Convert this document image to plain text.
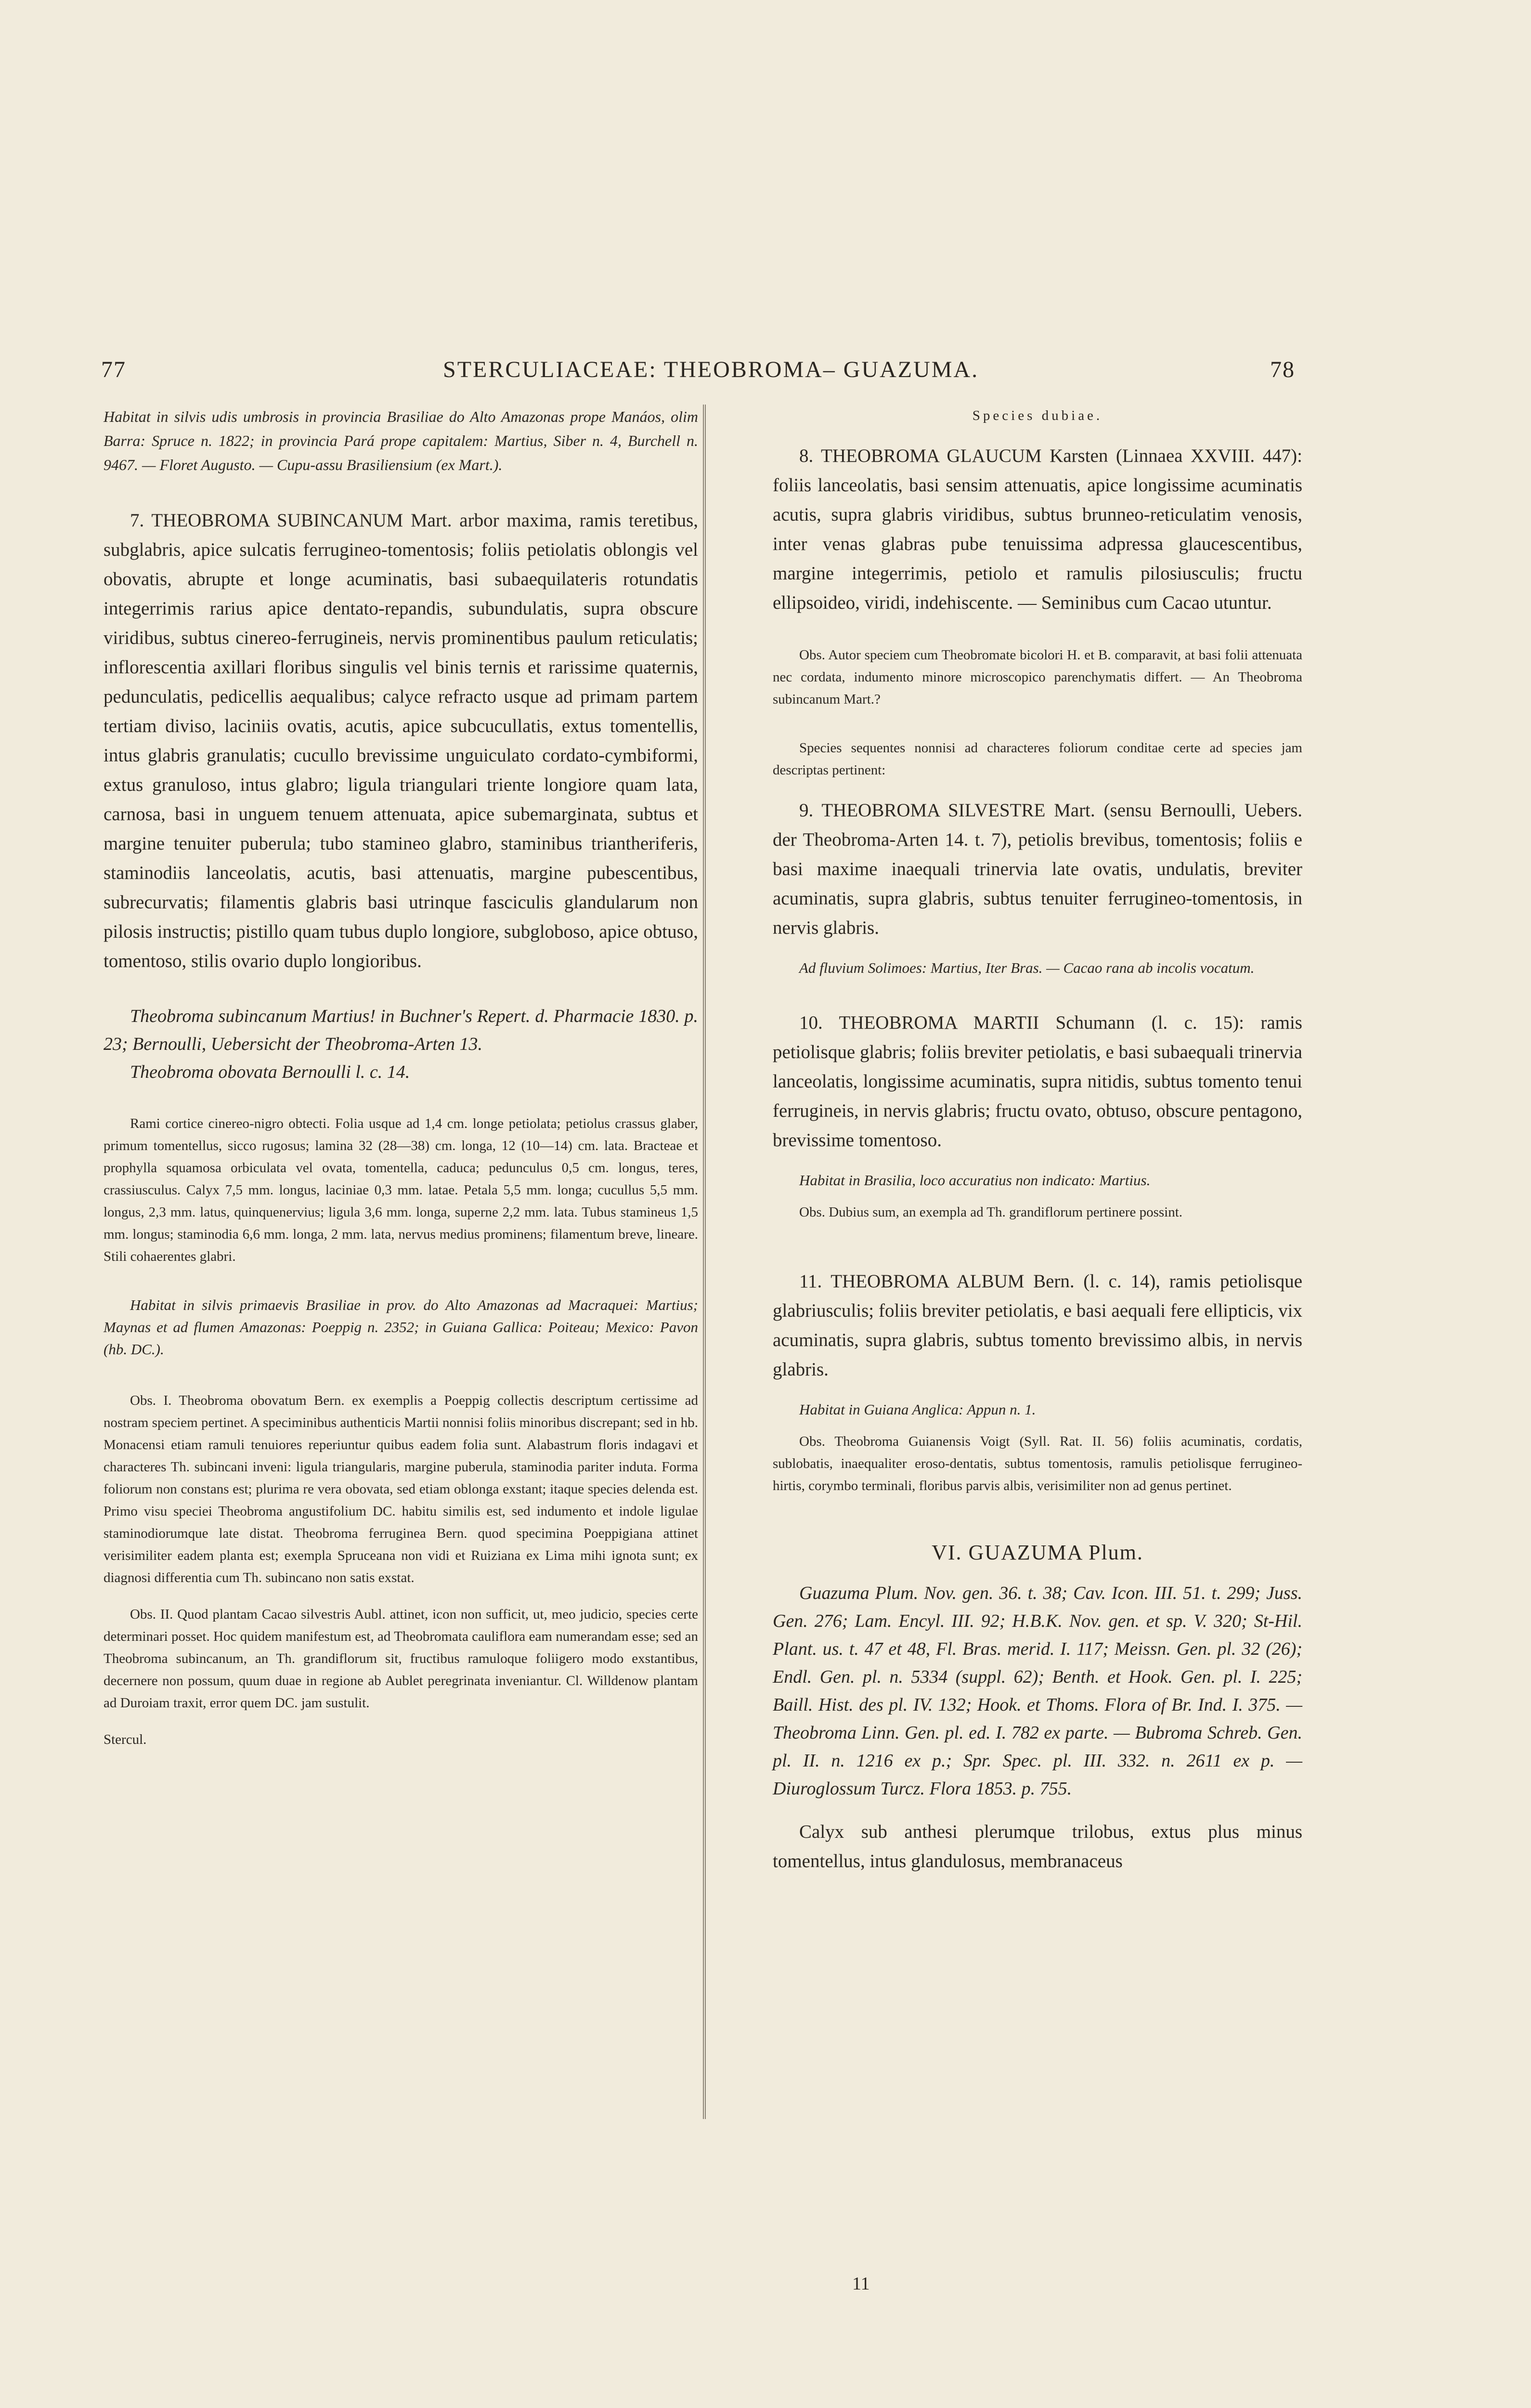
77	STERCULIACEAE: THEOBROMA– GUAZUMA.	78

Habitat in silvis udis umbrosis in provincia Brasiliae do Alto Amazonas prope Manáos, olim Barra: Spruce n. 1822; in provincia Pará prope capitalem: Martius, Siber n. 4, Burchell n. 9467. — Floret Augusto. — Cupu-assu Brasiliensium (ex Mart.).

7. THEOBROMA SUBINCANUM Mart. arbor maxima, ramis teretibus, subglabris, apice sulcatis ferrugineo-tomentosis; foliis petiolatis oblongis vel obovatis, abrupte et longe acuminatis, basi subaequilateris rotundatis integerrimis rarius apice dentato-repandis, subundulatis, supra obscure viridibus, subtus cinereo-ferrugineis, nervis prominentibus paulum reticulatis; inflorescentia axillari floribus singulis vel binis ternis et rarissime quaternis, pedunculatis, pedicellis aequalibus; calyce refracto usque ad primam partem tertiam diviso, laciniis ovatis, acutis, apice subcucullatis, extus tomentellis, intus glabris granulatis; cucullo brevissime unguiculato cordato-cymbiformi, extus granuloso, intus glabro; ligula triangulari triente longiore quam lata, carnosa, basi in unguem tenuem attenuata, apice subemarginata, subtus et margine tenuiter puberula; tubo stamineo glabro, staminibus triantheriferis, staminodiis lanceolatis, acutis, basi attenuatis, margine pubescentibus, subrecurvatis; filamentis glabris basi utrinque fasciculis glandularum non pilosis instructis; pistillo quam tubus duplo longiore, subgloboso, apice obtuso, tomentoso, stilis ovario duplo longioribus.

Theobroma subincanum Martius! in Buchner's Repert. d. Pharmacie 1830. p. 23; Bernoulli, Uebersicht der Theobroma-Arten 13.

Theobroma obovata Bernoulli l. c. 14.

Rami cortice cinereo-nigro obtecti. Folia usque ad 1,4 cm. longe petiolata; petiolus crassus glaber, primum tomentellus, sicco rugosus; lamina 32 (28—38) cm. longa, 12 (10—14) cm. lata. Bracteae et prophylla squamosa orbiculata vel ovata, tomentella, caduca; pedunculus 0,5 cm. longus, teres, crassiusculus. Calyx 7,5 mm. longus, laciniae 0,3 mm. latae. Petala 5,5 mm. longa; cucullus 5,5 mm. longus, 2,3 mm. latus, quinquenervius; ligula 3,6 mm. longa, superne 2,2 mm. lata. Tubus stamineus 1,5 mm. longus; staminodia 6,6 mm. longa, 2 mm. lata, nervus medius prominens; filamentum breve, lineare. Stili cohaerentes glabri.

Habitat in silvis primaevis Brasiliae in prov. do Alto Amazonas ad Macraquei: Martius; Maynas et ad flumen Amazonas: Poeppig n. 2352; in Guiana Gallica: Poiteau; Mexico: Pavon (hb. DC.).

Obs. I. Theobroma obovatum Bern. ex exemplis a Poeppig collectis descriptum certissime ad nostram speciem pertinet. A speciminibus authenticis Martii nonnisi foliis minoribus discrepant; sed in hb. Monacensi etiam ramuli tenuiores reperiuntur quibus eadem folia sunt. Alabastrum floris indagavi et characteres Th. subincani inveni: ligula triangularis, margine puberula, staminodia pariter induta. Forma foliorum non constans est; plurima re vera obovata, sed etiam oblonga exstant; itaque species delenda est. Primo visu speciei Theobroma angustifolium DC. habitu similis est, sed indumento et indole ligulae staminodiorumque late distat. Theobroma ferruginea Bern. quod specimina Poeppigiana attinet verisimiliter eadem planta est; exempla Spruceana non vidi et Ruiziana ex Lima mihi ignota sunt; ex diagnosi differentia cum Th. subincano non satis exstat.

Obs. II. Quod plantam Cacao silvestris Aubl. attinet, icon non sufficit, ut, meo judicio, species certe determinari posset. Hoc quidem manifestum est, ad Theobromata cauliflora eam numerandam esse; sed an Theobroma subincanum, an Th. grandiflorum sit, fructibus ramuloque foliigero modo exstantibus, decernere non possum, quum duae in regione ab Aublet peregrinata inveniantur. Cl. Willdenow plantam ad Duroiam traxit, error quem DC. jam sustulit.

Stercul.

Species dubiae.

8. THEOBROMA GLAUCUM Karsten (Linnaea XXVIII. 447): foliis lanceolatis, basi sensim attenuatis, apice longissime acuminatis acutis, supra glabris viridibus, subtus brunneo-reticulatim venosis, inter venas glabras pube tenuissima adpressa glaucescentibus, margine integerrimis, petiolo et ramulis pilosiusculis; fructu ellipsoideo, viridi, indehiscente. — Seminibus cum Cacao utuntur.

Obs. Autor speciem cum Theobromate bicolori H. et B. comparavit, at basi folii attenuata nec cordata, indumento minore microscopico parenchymatis differt. — An Theobroma subincanum Mart.?

Species sequentes nonnisi ad characteres foliorum conditae certe ad species jam descriptas pertinent:

9. THEOBROMA SILVESTRE Mart. (sensu Bernoulli, Uebers. der Theobroma-Arten 14. t. 7), petiolis brevibus, tomentosis; foliis e basi maxime inaequali trinervia late ovatis, undulatis, breviter acuminatis, supra glabris, subtus tenuiter ferrugineo-tomentosis, in nervis glabris.

Ad fluvium Solimoes: Martius, Iter Bras. — Cacao rana ab incolis vocatum.

10. THEOBROMA MARTII Schumann (l. c. 15): ramis petiolisque glabris; foliis breviter petiolatis, e basi subaequali trinervia lanceolatis, longissime acuminatis, supra nitidis, subtus tomento tenui ferrugineis, in nervis glabris; fructu ovato, obtuso, obscure pentagono, brevissime tomentoso.

Habitat in Brasilia, loco accuratius non indicato: Martius.

Obs. Dubius sum, an exempla ad Th. grandiflorum pertinere possint.

11. THEOBROMA ALBUM Bern. (l. c. 14), ramis petiolisque glabriusculis; foliis breviter petiolatis, e basi aequali fere ellipticis, vix acuminatis, supra glabris, subtus tomento brevissimo albis, in nervis glabris.

Habitat in Guiana Anglica: Appun n. 1.

Obs. Theobroma Guianensis Voigt (Syll. Rat. II. 56) foliis acuminatis, cordatis, sublobatis, inaequaliter eroso-dentatis, subtus tomentosis, ramulis petiolisque ferrugineo-hirtis, corymbo terminali, floribus parvis albis, verisimiliter non ad genus pertinet.

VI. GUAZUMA Plum.

Guazuma Plum. Nov. gen. 36. t. 38; Cav. Icon. III. 51. t. 299; Juss. Gen. 276; Lam. Encyl. III. 92; H.B.K. Nov. gen. et sp. V. 320; St-Hil. Plant. us. t. 47 et 48, Fl. Bras. merid. I. 117; Meissn. Gen. pl. 32 (26); Endl. Gen. pl. n. 5334 (suppl. 62); Benth. et Hook. Gen. pl. I. 225; Baill. Hist. des pl. IV. 132; Hook. et Thoms. Flora of Br. Ind. I. 375. — Theobroma Linn. Gen. pl. ed. I. 782 ex parte. — Bubroma Schreb. Gen. pl. II. n. 1216 ex p.; Spr. Spec. pl. III. 332. n. 2611 ex p. — Diuroglossum Turcz. Flora 1853. p. 755.

Calyx sub anthesi plerumque trilobus, extus plus minus tomentellus, intus glandulosus, membranaceus

11
